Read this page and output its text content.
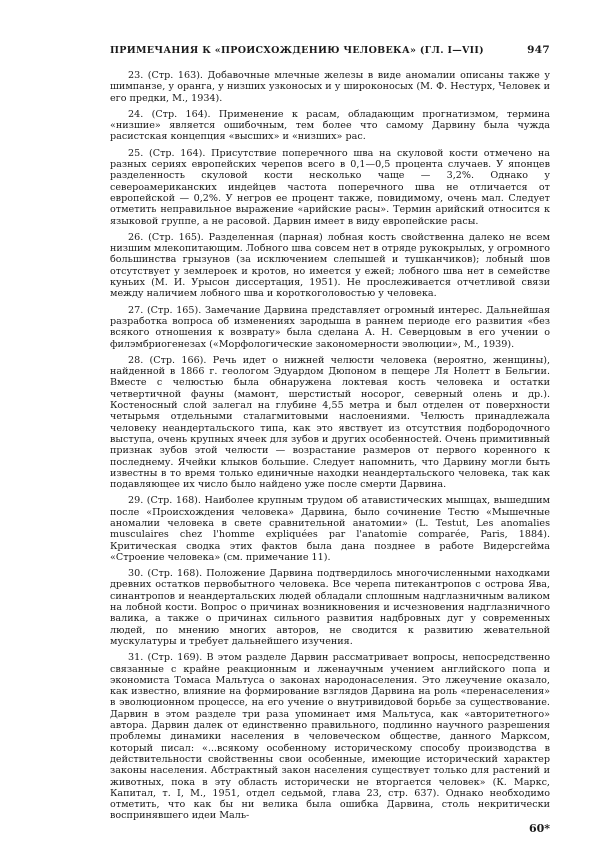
ПРИМЕЧАНИЯ К «ПРОИСХОЖДЕНИЮ ЧЕЛОВЕКА» (ГЛ. I—VII)	947

23. (Стр. 163). Добавочные млечные железы в виде аномалии описаны также у шимпанзе, у оранга, у низших узконосых и у широконосых (М. Ф. Нестурх, Человек и его предки, М., 1934).

24. (Стр. 164). Применение к расам, обладающим прогнатизмом, термина «низшие» является ошибочным, тем более что самому Дарвину была чужда расистская концепция «высших» и «низших» рас.

25. (Стр. 164). Присутствие поперечного шва на скуловой кости отмечено на разных сериях европейских черепов всего в 0,1—0,5 процента случаев. У японцев разделенность скуловой кости несколько чаще — 3,2%. Однако у североамериканских индейцев частота поперечного шва не отличается от европейской — 0,2%. У негров ее процент также, повидимому, очень мал. Следует отметить неправильное выражение «арийские расы». Термин арийский относится к языковой группе, а не расовой. Дарвин имеет в виду европейские расы.

26. (Стр. 165). Разделенная (парная) лобная кость свойственна далеко не всем низшим млекопитающим. Лобного шва совсем нет в отряде рукокрылых, у огромного большинства грызунов (за исключением слепышей и тушканчиков); лобный шов отсутствует у землероек и кротов, но имеется у ежей; лобного шва нет в семействе куньих (М. И. Урысон диссертация, 1951). Не прослеживается отчетливой связи между наличием лобного шва и короткоголовостью у человека.

27. (Стр. 165). Замечание Дарвина представляет огромный интерес. Дальнейшая разработка вопроса об изменениях зародыша в раннем периоде его развития «без всякого отношения к возврату» была сделана А. Н. Северцовым в его учении о филэмбриогенезах («Морфологические закономерности эволюции», М., 1939).

28. (Стр. 166). Речь идет о нижней челюсти человека (вероятно, женщины), найденной в 1866 г. геологом Эдуардом Дюпоном в пещере Ля Нолетт в Бельгии. Вместе с челюстью была обнаружена локтевая кость человека и остатки четвертичной фауны (мамонт, шерстистый носорог, северный олень и др.). Костеносный слой залегал на глубине 4,55 метра и был отделен от поверхности четырьмя отдельными сталагмитовыми наслоениями. Челюсть принадлежала человеку неандертальского типа, как это явствует из отсутствия подбородочного выступа, очень крупных ячеек для зубов и других особенностей. Очень примитивный признак зубов этой челюсти — возрастание размеров от первого коренного к последнему. Ячейки клыков большие. Следует напомнить, что Дарвину могли быть известны в то время только единичные находки неандертальского человека, так как подавляющее их число было найдено уже после смерти Дарвина.

29. (Стр. 168). Наиболее крупным трудом об атавистических мышцах, вышедшим после «Происхождения человека» Дарвина, было сочинение Тестю «Мышечные аномалии человека в свете сравнительной анатомии» (L. Testut, Les anomalies musculaires chez l'homme expliquées par l'anatomie comparée, Paris, 1884). Критическая сводка этих фактов была дана позднее в работе Видерсгейма «Строение человека» (см. примечание 11).

30. (Стр. 168). Положение Дарвина подтвердилось многочисленными находками древних остатков первобытного человека. Все черепа питекантропов с острова Ява, синантропов и неандертальских людей обладали сплошным надглазничным валиком на лобной кости. Вопрос о причинах возникновения и исчезновения надглазничного валика, а также о причинах сильного развития надбровных дуг у современных людей, по мнению многих авторов, не сводится к развитию жевательной мускулатуры и требует дальнейшего изучения.

31. (Стр. 169). В этом разделе Дарвин рассматривает вопросы, непосредственно связанные с крайне реакционным и лженаучным учением английского попа и экономиста Томаса Мальтуса о законах народонаселения. Это лжеучение оказало, как известно, влияние на формирование взглядов Дарвина на роль «перенаселения» в эволюционном процессе, на его учение о внутривидовой борьбе за существование. Дарвин в этом разделе три раза упоминает имя Мальтуса, как «авторитетного» автора. Дарвин далек от единственно правильного, подлинно научного разрешения проблемы динамики населения в человеческом обществе, данного Марксом, который писал: «...всякому особенному историческому способу производства в действительности свойственны свои особенные, имеющие исторический характер законы населения. Абстрактный закон населения существует только для растений и животных, пока в эту область исторически не вторгается человек» (К. Маркс, Капитал, т. I, М., 1951, отдел седьмой, глава 23, стр. 637). Однако необходимо отметить, что как бы ни велика была ошибка Дарвина, столь некритически воспринявшего идеи Маль-

60*
